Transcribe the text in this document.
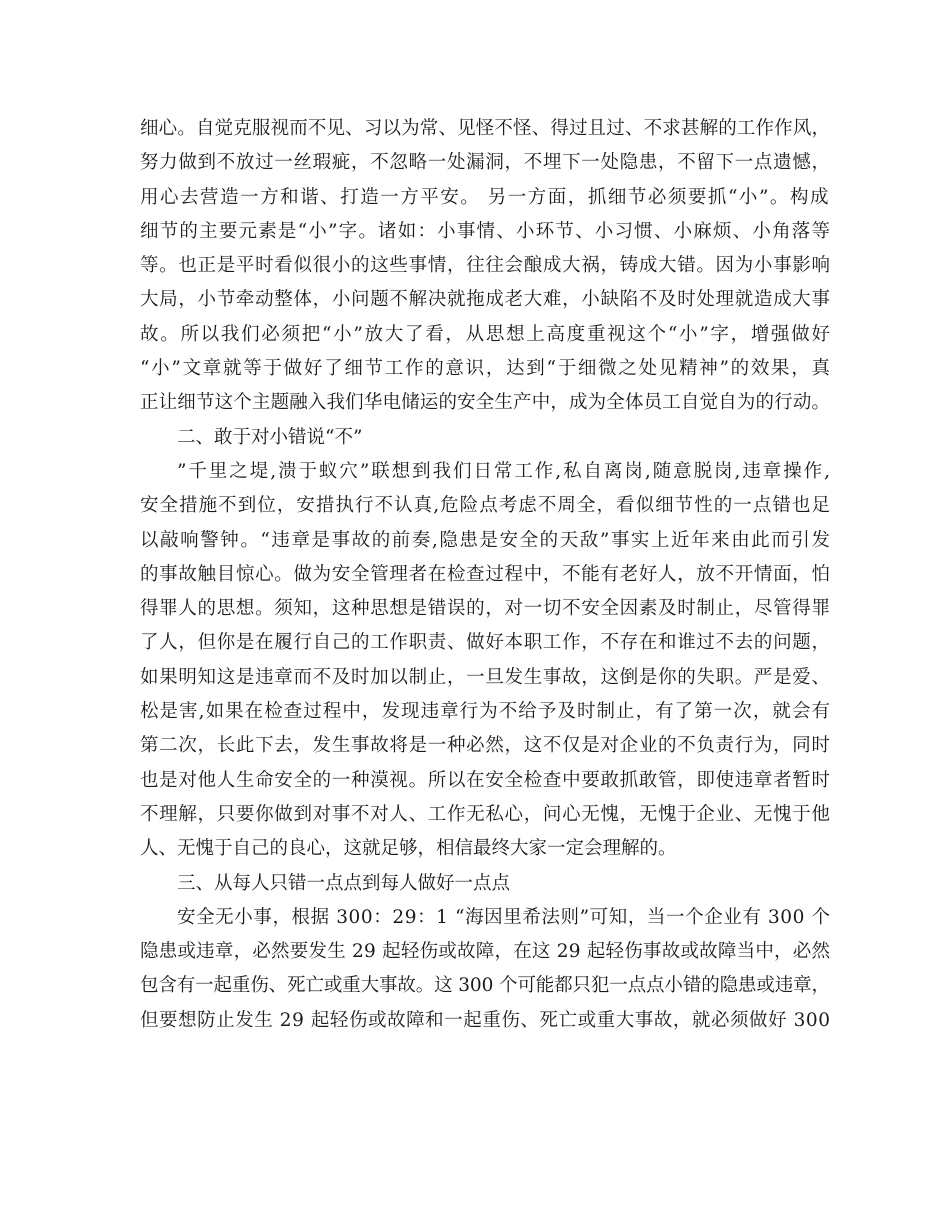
细心。自觉克服视而不见、习以为常、见怪不怪、得过且过、不求甚解的工作作风，
努力做到不放过一丝瑕疵，不忽略一处漏洞，不埋下一处隐患，不留下一点遗憾，
用心去营造一方和谐、打造一方平安。 另一方面，抓细节必须要抓“小”。构成
细节的主要元素是“小”字。诸如：小事情、小环节、小习惯、小麻烦、小角落等
等。也正是平时看似很小的这些事情，往往会酿成大祸，铸成大错。因为小事影响
大局，小节牵动整体，小问题不解决就拖成老大难，小缺陷不及时处理就造成大事
故。所以我们必须把“小”放大了看，从思想上高度重视这个“小”字，增强做好
“小”文章就等于做好了细节工作的意识，达到“于细微之处见精神”的效果，真
正让细节这个主题融入我们华电储运的安全生产中，成为全体员工自觉自为的行动。
二、敢于对小错说“不”
”千里之堤,溃于蚁穴”联想到我们日常工作,私自离岗,随意脱岗,违章操作,
安全措施不到位，安措执行不认真,危险点考虑不周全，看似细节性的一点错也足
以敲响警钟。“违章是事故的前奏,隐患是安全的天敌”事实上近年来由此而引发
的事故触目惊心。做为安全管理者在检查过程中，不能有老好人，放不开情面，怕
得罪人的思想。须知，这种思想是错误的，对一切不安全因素及时制止，尽管得罪
了人，但你是在履行自己的工作职责、做好本职工作，不存在和谁过不去的问题，
如果明知这是违章而不及时加以制止，一旦发生事故，这倒是你的失职。严是爱、
松是害,如果在检查过程中，发现违章行为不给予及时制止，有了第一次，就会有
第二次，长此下去，发生事故将是一种必然，这不仅是对企业的不负责行为，同时
也是对他人生命安全的一种漠视。所以在安全检查中要敢抓敢管，即使违章者暂时
不理解，只要你做到对事不对人、工作无私心，问心无愧，无愧于企业、无愧于他
人、无愧于自己的良心，这就足够，相信最终大家一定会理解的。
三、从每人只错一点点到每人做好一点点
安全无小事，根据 300：29：1 “海因里希法则”可知，当一个企业有 300 个
隐患或违章，必然要发生 29 起轻伤或故障，在这 29 起轻伤事故或故障当中，必然
包含有一起重伤、死亡或重大事故。这 300 个可能都只犯一点点小错的隐患或违章，
但要想防止发生 29 起轻伤或故障和一起重伤、死亡或重大事故，就必须做好 300
